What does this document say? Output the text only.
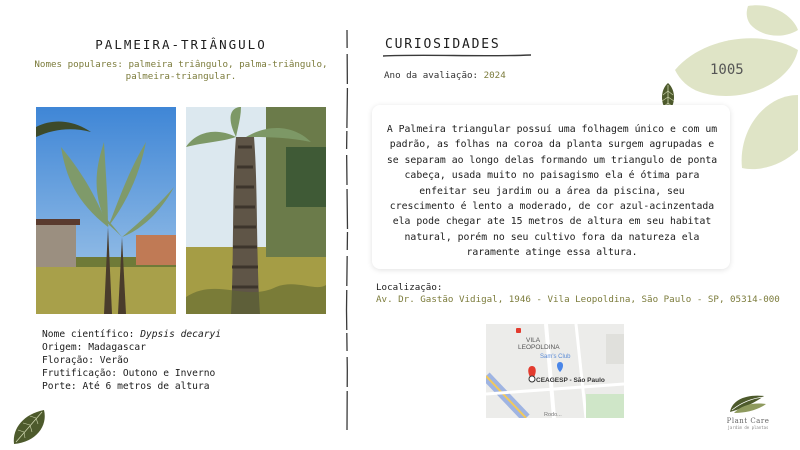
PALMEIRA-TRIÂNGULO
Nomes populares: palmeira triângulo, palma-triângulo, palmeira-triangular.
Nome científico: Dypsis decaryi
Origem: Madagascar
Floração: Verão
Frutificação: Outono e Inverno
Porte: Até 6 metros de altura
CURIOSIDADES
Ano da avaliação: 2024
A Palmeira triangular possuí uma folhagem único e com um padrão, as folhas na coroa da planta surgem agrupadas e se separam ao longo delas formando um triangulo de ponta cabeça, usada muito no paisagismo ela é ótima para enfeitar seu jardim ou a área da piscina, seu crescimento é lento a moderado, de cor azul-acinzentada ela pode chegar ate 15 metros de altura em seu habitat natural, porém no seu cultivo fora da natureza ela raramente atinge essa altura.
1005
Localização:
Av. Dr. Gastão Vidigal, 1946 - Vila Leopoldina, São Paulo - SP, 05314-000
VILA
LEOPOLDINA
Sam's Club
CEAGESP - São Paulo
Rodo...
Plant Care
jardim de plantas
